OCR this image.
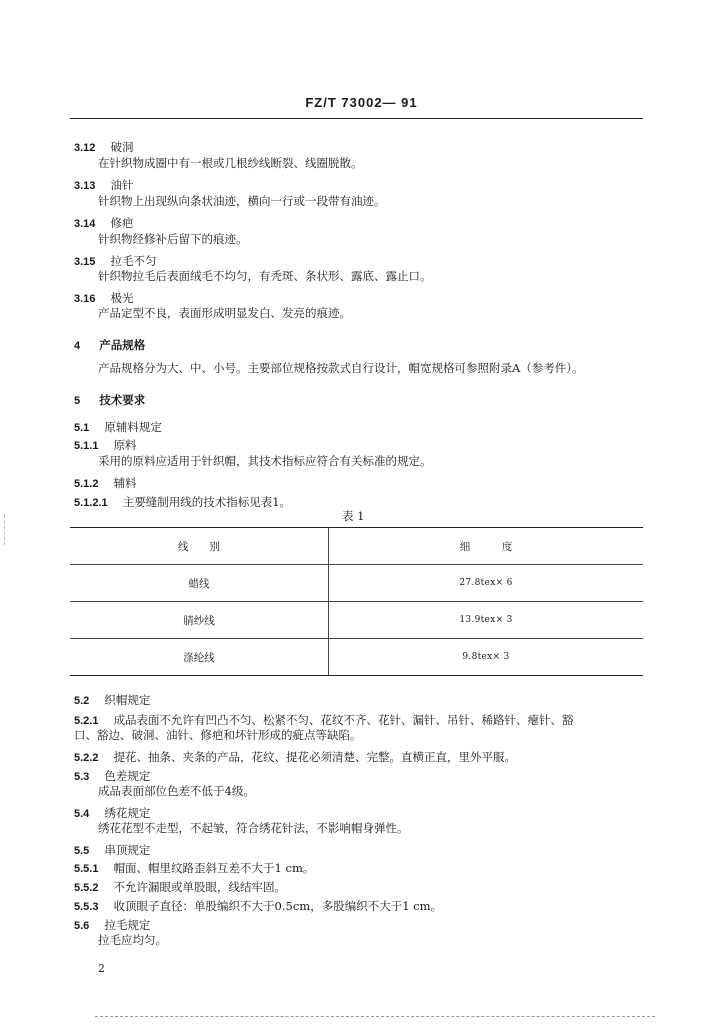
FZ/T 73002— 91
3.12 破洞
在针织物成圈中有一根或几根纱线断裂、线圈脱散。
3.13 油针
针织物上出现纵向条状油迹，横向一行或一段带有油迹。
3.14 修疤
针织物经修补后留下的痕迹。
3.15 拉毛不匀
针织物拉毛后表面绒毛不均匀，有秃斑、条状形、露底、露止口。
3.16 极光
产品定型不良，表面形成明显发白、发亮的痕迹。
4 产品规格
产品规格分为大、中、小号。主要部位规格按款式自行设计，帽宽规格可参照附录A（参考件）。
5 技术要求
5.1 原辅料规定
5.1.1 原料
采用的原料应适用于针织帽，其技术指标应符合有关标准的规定。
5.1.2 辅料
5.1.2.1 主要缝制用线的技术指标见表1。
表 1
线　　别	细　　　度
蜡线	27.8tex× 6
腈纱线	13.9tex× 3
涤纶线	9.8tex× 3
5.2 织帽规定
5.2.1 成品表面不允许有凹凸不匀、松紧不匀、花纹不齐、花针、漏针、吊针、稀路针、瘪针、豁
口、豁边、破洞、油针、修疤和坏针形成的疵点等缺陷。
5.2.2 提花、抽条、夹条的产品，花纹、提花必须清楚、完整。直横正直，里外平服。
5.3 色差规定
成品表面部位色差不低于4级。
5.4 绣花规定
绣花花型不走型，不起皱，符合绣花针法，不影响帽身弹性。
5.5 串顶规定
5.5.1 帽面、帽里纹路歪斜互差不大于1 cm。
5.5.2 不允许漏眼或单股眼，线结牢固。
5.5.3 收顶眼子直径：单股编织不大于0.5cm，多股编织不大于1 cm。
5.6 拉毛规定
拉毛应均匀。
2
